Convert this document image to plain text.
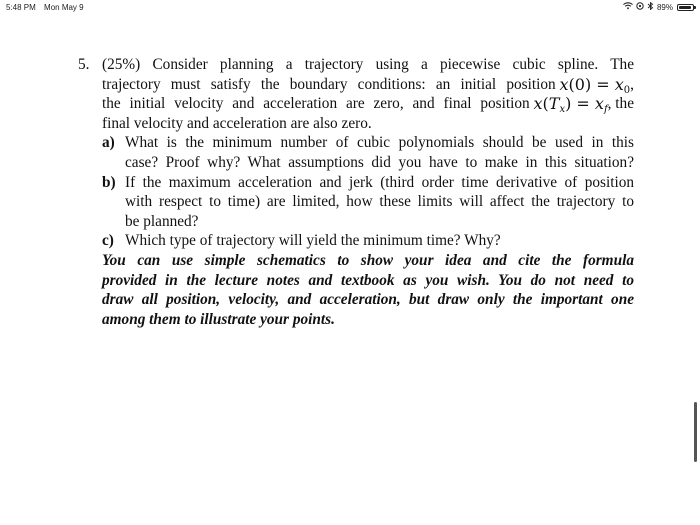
5:48 PM Mon May 9	89%
5. (25%) Consider planning a trajectory using a piecewise cubic spline. The
trajectory must satisfy the boundary conditions: an initial position
$x(0) = x_0$ ,
the initial velocity and acceleration are zero, and final position
$x(T_x) = x_f$ , the
final velocity and acceleration are also zero.
a) What is the minimum number of cubic polynomials should be used in this
case? Proof why? What assumptions did you have to make in this situation?
b) If the maximum acceleration and jerk (third order time derivative of position
with respect to time) are limited, how these limits will affect the trajectory to
be planned?
c) Which type of trajectory will yield the minimum time? Why?
You can use simple schematics to show your idea and cite the formula
provided in the lecture notes and textbook as you wish. You do not need to
draw all position, velocity, and acceleration, but draw only the important one
among them to illustrate your points.
